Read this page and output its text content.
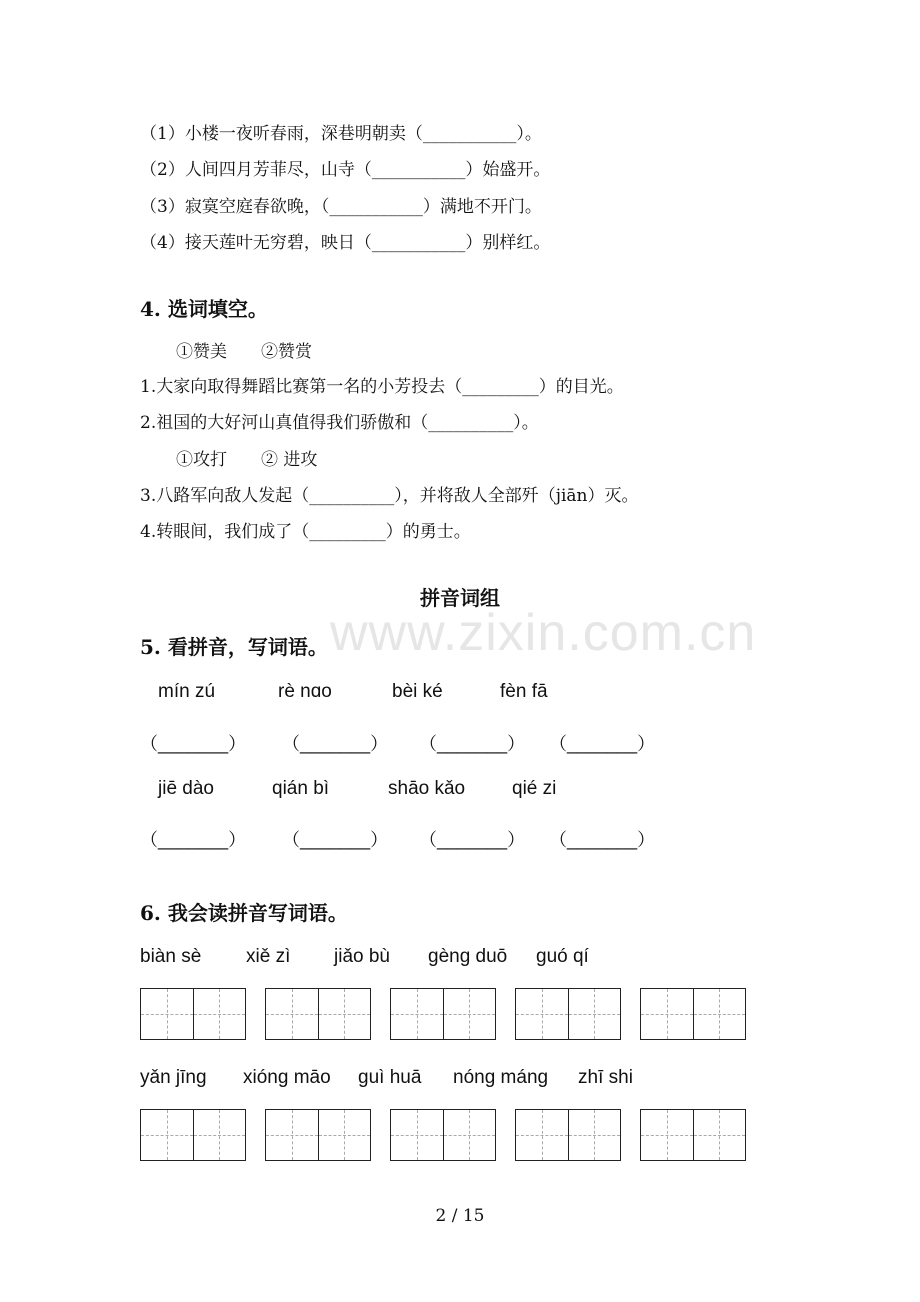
（1）小楼一夜听春雨，深巷明朝卖（___________）。
（2）人间四月芳菲尽，山寺（___________）始盛开。
（3）寂寞空庭春欲晚，（___________）满地不开门。
（4）接天莲叶无穷碧，映日（___________）别样红。
4. 选词填空。
①赞美　　②赞赏
1.大家向取得舞蹈比赛第一名的小芳投去（_________）的目光。
2.祖国的大好河山真值得我们骄傲和（__________）。
①攻打　　② 进攻
3.八路军向敌人发起（__________），并将敌人全部歼（jiān）灭。
4.转眼间，我们成了（_________）的勇士。
拼音词组
www.zixin.com.cn
5. 看拼音，写词语。
mín zú	rè nɑo	bèi ké	fèn fā
（_______） （_______） （_______） （_______）
jiē dào	qián bì	shāo kǎo qié zi
（_______） （_______） （_______） （_______）
6. 我会读拼音写词语。
biàn sè xiě zì jiǎo bù gèng duō guó qí
yǎn jīng xióng māo guì huā nóng máng zhī shi
2 / 15
